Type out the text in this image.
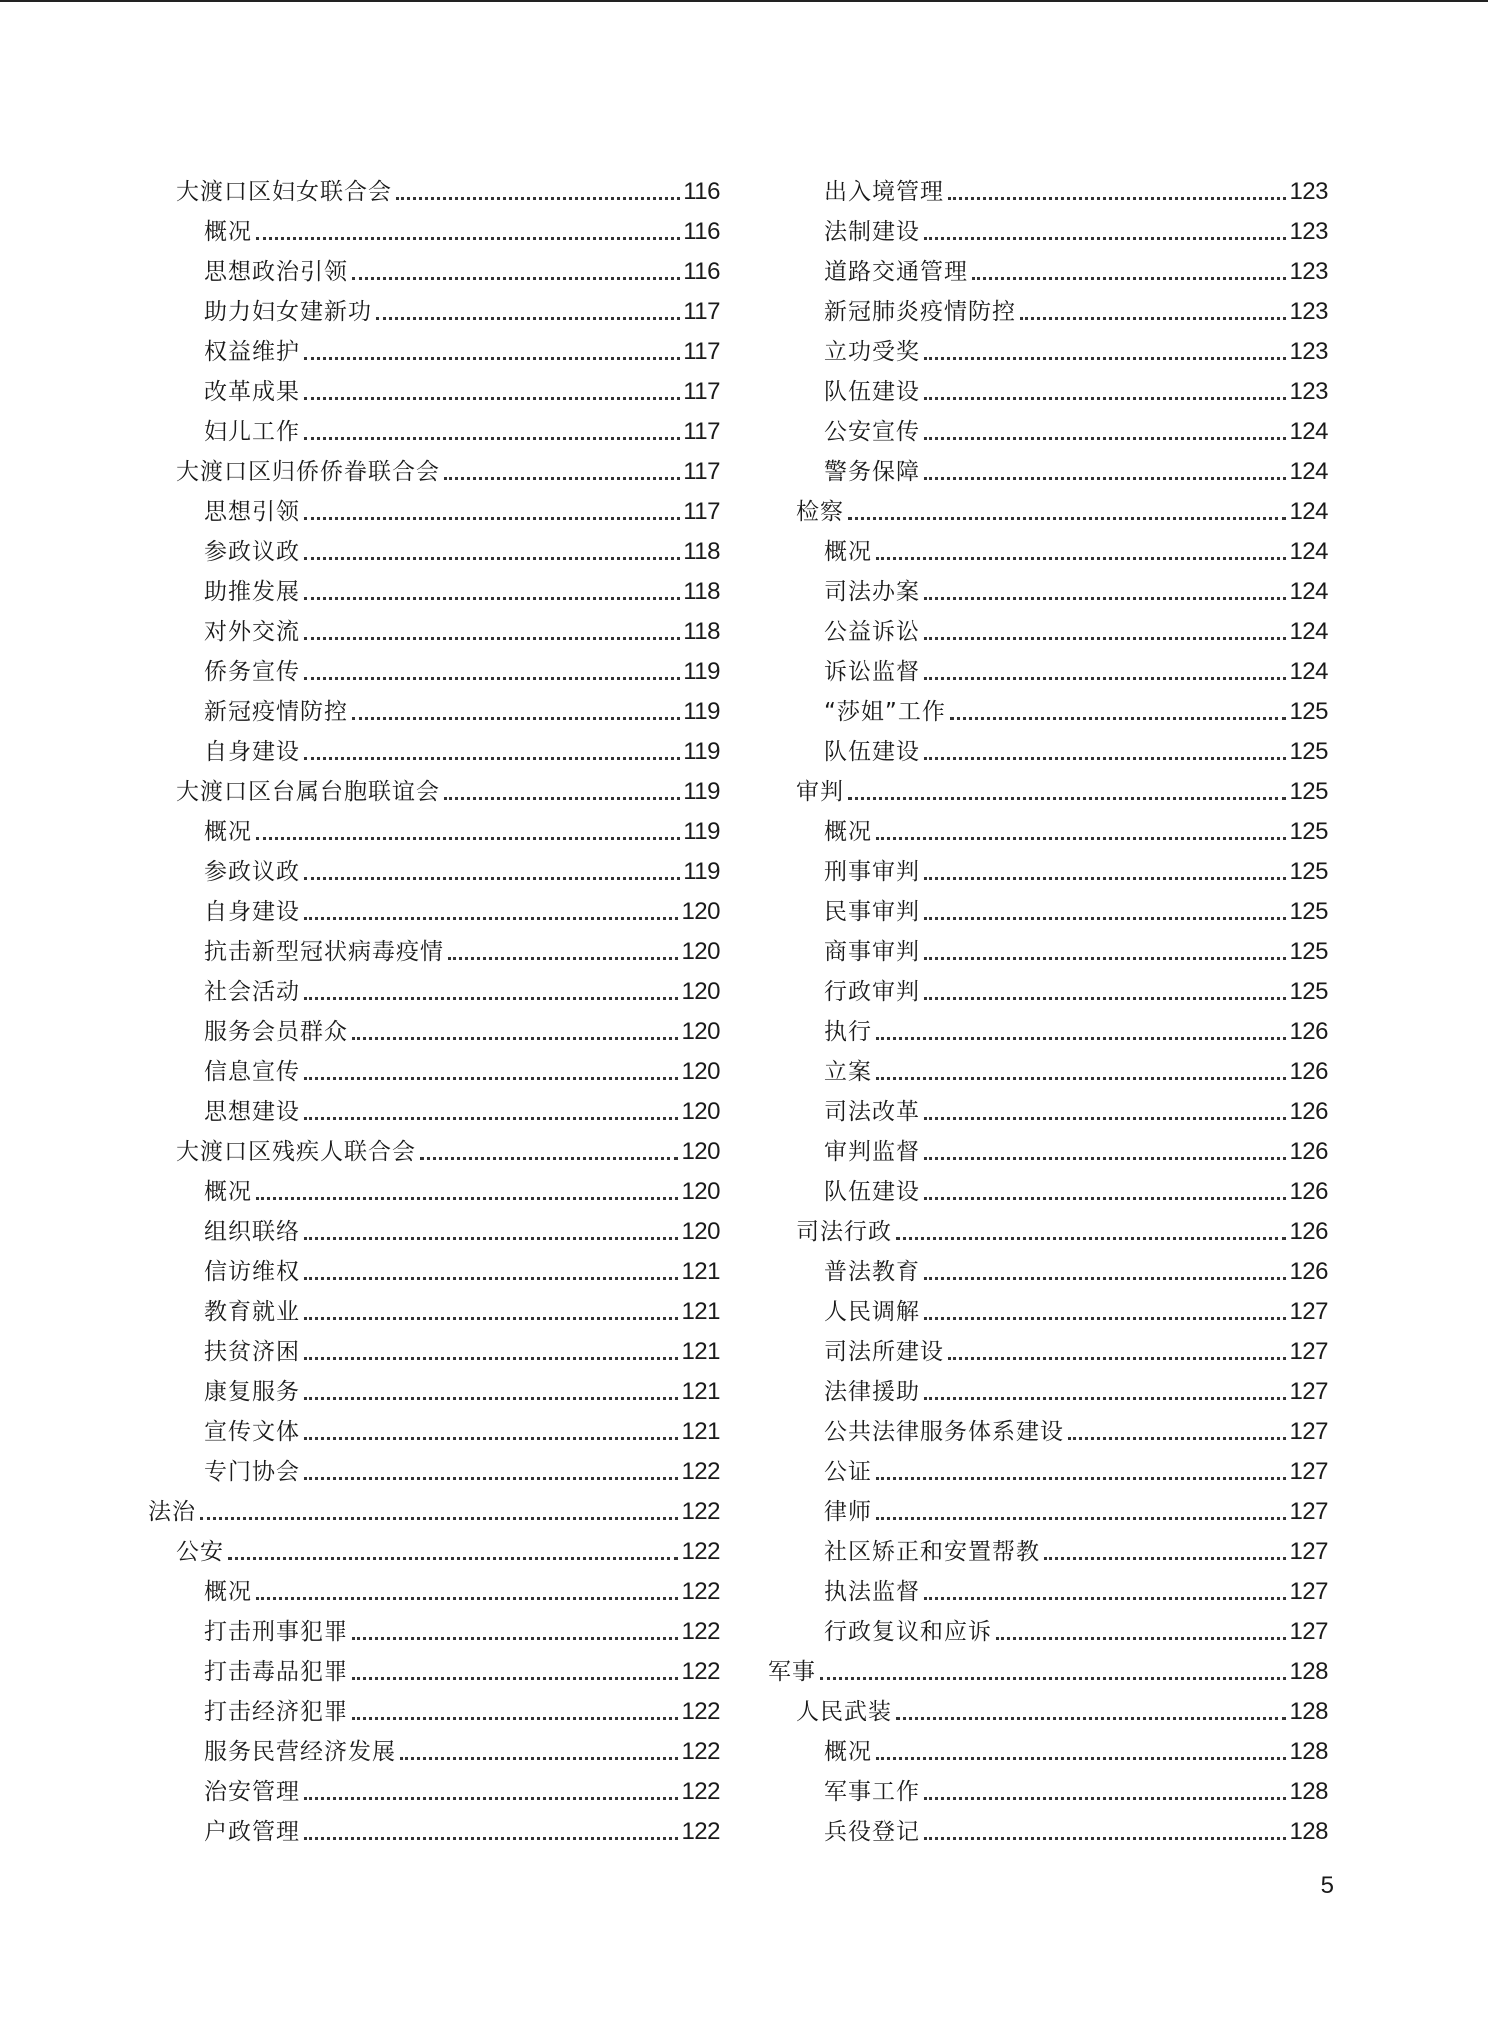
大渡口区妇女联合会	116
概况	116
思想政治引领	116
助力妇女建新功	117
权益维护	117
改革成果	117
妇儿工作	117
大渡口区归侨侨眷联合会	117
思想引领	117
参政议政	118
助推发展	118
对外交流	118
侨务宣传	119
新冠疫情防控	119
自身建设	119
大渡口区台属台胞联谊会	119
概况	119
参政议政	119
自身建设	120
抗击新型冠状病毒疫情	120
社会活动	120
服务会员群众	120
信息宣传	120
思想建设	120
大渡口区残疾人联合会	120
概况	120
组织联络	120
信访维权	121
教育就业	121
扶贫济困	121
康复服务	121
宣传文体	121
专门协会	122
法治	122
公安	122
概况	122
打击刑事犯罪	122
打击毒品犯罪	122
打击经济犯罪	122
服务民营经济发展	122
治安管理	122
户政管理	122
出入境管理	123
法制建设	123
道路交通管理	123
新冠肺炎疫情防控	123
立功受奖	123
队伍建设	123
公安宣传	124
警务保障	124
检察	124
概况	124
司法办案	124
公益诉讼	124
诉讼监督	124
“莎姐”工作	125
队伍建设	125
审判	125
概况	125
刑事审判	125
民事审判	125
商事审判	125
行政审判	125
执行	126
立案	126
司法改革	126
审判监督	126
队伍建设	126
司法行政	126
普法教育	126
人民调解	127
司法所建设	127
法律援助	127
公共法律服务体系建设	127
公证	127
律师	127
社区矫正和安置帮教	127
执法监督	127
行政复议和应诉	127
军事	128
人民武装	128
概况	128
军事工作	128
兵役登记	128
5
